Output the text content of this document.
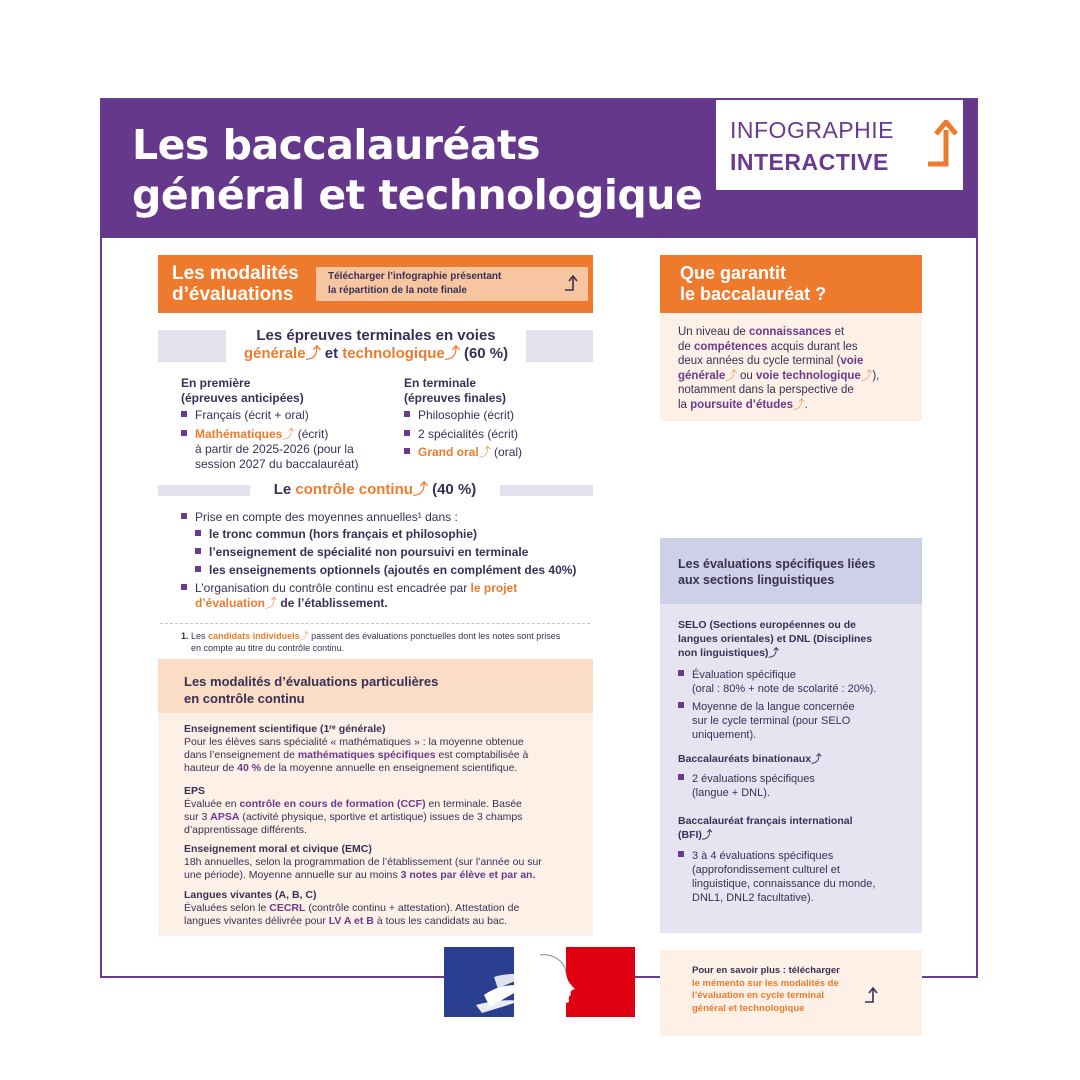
Les baccalauréats
général et technologique
INFOGRAPHIE
INTERACTIVE
Les modalités
d’évaluations
Télécharger l’infographie présentant
la répartition de la note finale
Les épreuves terminales en voies
générale⤴ et technologique⤴ (60 %)
En première
(épreuves anticipées)
Français (écrit + oral)
Mathématiques⤴ (écrit)
à partir de 2025-2026 (pour la
session 2027 du baccalauréat)
En terminale
(épreuves finales)
Philosophie (écrit)
2 spécialités (écrit)
Grand oral⤴ (oral)
Le contrôle continu⤴ (40 %)
Prise en compte des moyennes annuelles¹ dans :
le tronc commun (hors français et philosophie)
l’enseignement de spécialité non poursuivi en terminale
les enseignements optionnels (ajoutés en complément des 40%)
L’organisation du contrôle continu est encadrée par le projet
d’évaluation⤴ de l’établissement.
1. Les candidats individuels⤴ passent des évaluations ponctuelles dont les notes sont prises
en compte au titre du contrôle continu.
Les modalités d’évaluations particulières
en contrôle continu
Enseignement scientifique (1ʳᵉ générale)
Pour les élèves sans spécialité « mathématiques » : la moyenne obtenue
dans l’enseignement de mathématiques spécifiques est comptabilisée à
hauteur de 40 % de la moyenne annuelle en enseignement scientifique.
EPS
Évaluée en contrôle en cours de formation (CCF) en terminale. Basée
sur 3 APSA (activité physique, sportive et artistique) issues de 3 champs
d’apprentissage différents.
Enseignement moral et civique (EMC)
18h annuelles, selon la programmation de l’établissement (sur l’année ou sur
une période). Moyenne annuelle sur au moins 3 notes par élève et par an.
Langues vivantes (A, B, C)
Évaluées selon le CECRL (contrôle continu + attestation). Attestation de
langues vivantes délivrée pour LV A et B à tous les candidats au bac.
Que garantit
le baccalauréat ?
Un niveau de connaissances et
de compétences acquis durant les
deux années du cycle terminal (voie
générale⤴ ou voie technologique⤴),
notamment dans la perspective de
la poursuite d’études⤴.
Les évaluations spécifiques liées
aux sections linguistiques
SELO (Sections européennes ou de
langues orientales) et DNL (Disciplines
non linguistiques)⤴
Évaluation spécifique
(oral : 80% + note de scolarité : 20%).
Moyenne de la langue concernée
sur le cycle terminal (pour SELO
uniquement).
Baccalauréats binationaux⤴
2 évaluations spécifiques
(langue + DNL).
Baccalauréat français international
(BFI)⤴
3 à 4 évaluations spécifiques
(approfondissement culturel et
linguistique, connaissance du monde,
DNL1, DNL2 facultative).
Pour en savoir plus : télécharger
le mémento sur les modalités de
l’évaluation en cycle terminal
général et technologique
